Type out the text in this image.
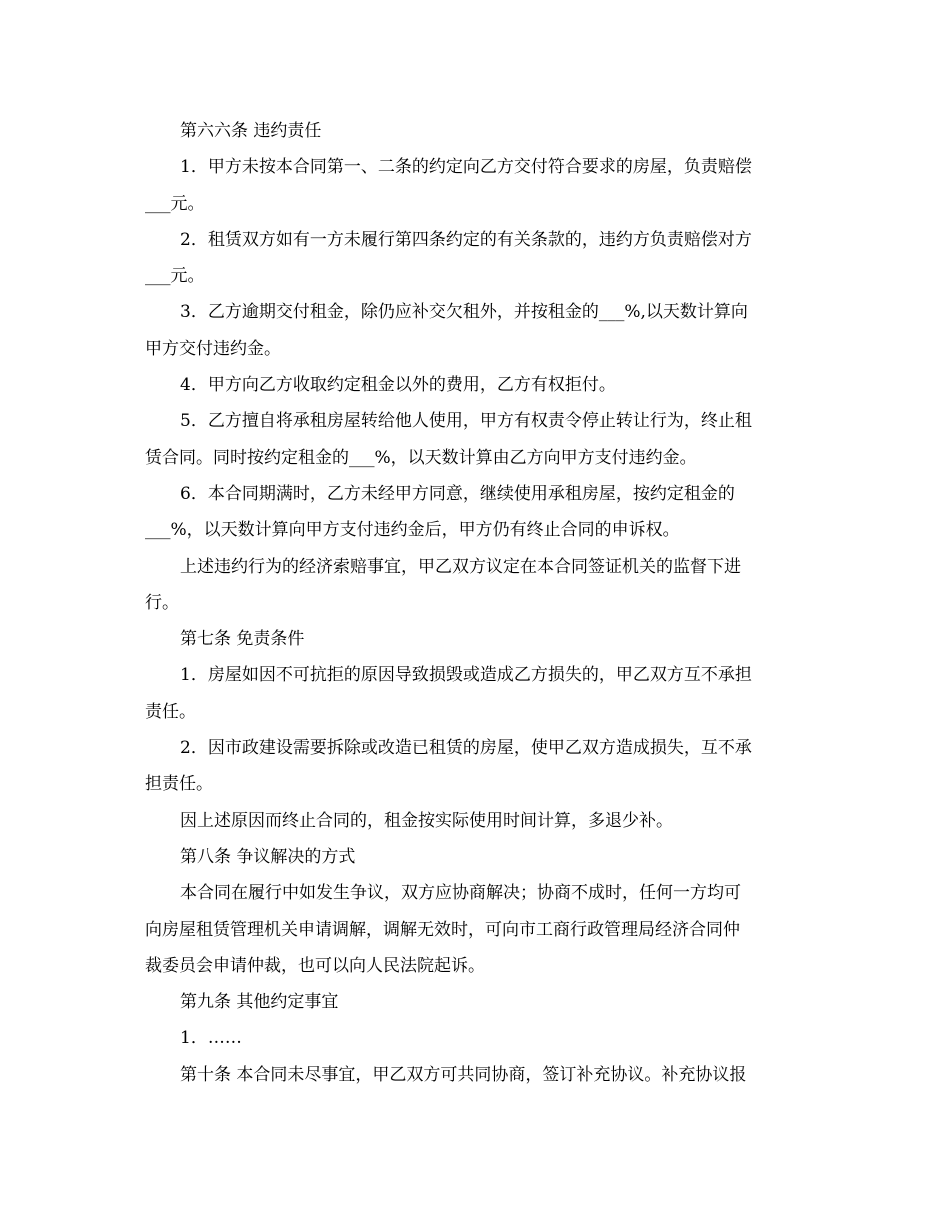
第六六条 违约责任
1．甲方未按本合同第一、二条的约定向乙方交付符合要求的房屋，负责赔偿
___元。
2．租赁双方如有一方未履行第四条约定的有关条款的，违约方负责赔偿对方
___元。
3．乙方逾期交付租金，除仍应补交欠租外，并按租金的___%,以天数计算向
甲方交付违约金。
4．甲方向乙方收取约定租金以外的费用，乙方有权拒付。
5．乙方擅自将承租房屋转给他人使用，甲方有权责令停止转让行为，终止租
赁合同。同时按约定租金的___%，以天数计算由乙方向甲方支付违约金。
6．本合同期满时，乙方未经甲方同意，继续使用承租房屋，按约定租金的
___%，以天数计算向甲方支付违约金后，甲方仍有终止合同的申诉权。
上述违约行为的经济索赔事宜，甲乙双方议定在本合同签证机关的监督下进
行。
第七条 免责条件
1．房屋如因不可抗拒的原因导致损毁或造成乙方损失的，甲乙双方互不承担
责任。
2．因市政建设需要拆除或改造已租赁的房屋，使甲乙双方造成损失，互不承
担责任。
因上述原因而终止合同的，租金按实际使用时间计算，多退少补。
第八条 争议解决的方式
本合同在履行中如发生争议，双方应协商解决；协商不成时，任何一方均可
向房屋租赁管理机关申请调解，调解无效时，可向市工商行政管理局经济合同仲
裁委员会申请仲裁，也可以向人民法院起诉。
第九条 其他约定事宜
1．……
第十条 本合同未尽事宜，甲乙双方可共同协商，签订补充协议。补充协议报
